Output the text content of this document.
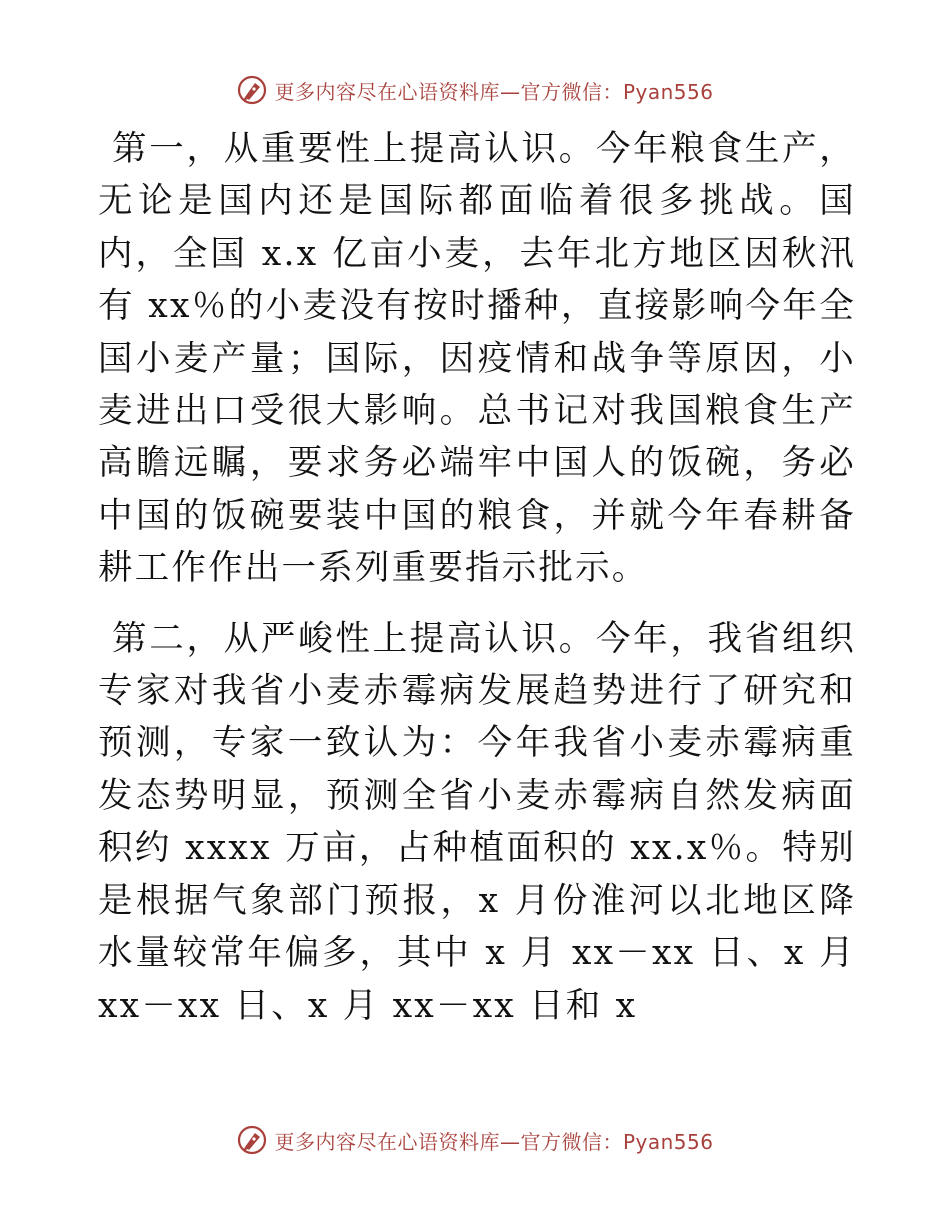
更多内容尽在心语资料库—官方微信：Pyan556

第一，从重要性上提高认识。今年粮食生产，无论是国内还是国际都面临着很多挑战。国内，全国 x.x 亿亩小麦，去年北方地区因秋汛有 xx％的小麦没有按时播种，直接影响今年全国小麦产量；国际，因疫情和战争等原因，小麦进出口受很大影响。总书记对我国粮食生产高瞻远瞩，要求务必端牢中国人的饭碗，务必中国的饭碗要装中国的粮食，并就今年春耕备耕工作作出一系列重要指示批示。

第二，从严峻性上提高认识。今年，我省组织专家对我省小麦赤霉病发展趋势进行了研究和预测，专家一致认为：今年我省小麦赤霉病重发态势明显，预测全省小麦赤霉病自然发病面积约 xxxx 万亩，占种植面积的 xx.x％。特别是根据气象部门预报，x 月份淮河以北地区降水量较常年偏多，其中 x 月 xx－xx 日、x 月 xx－xx 日、x 月 xx－xx 日和 x

更多内容尽在心语资料库—官方微信：Pyan556
